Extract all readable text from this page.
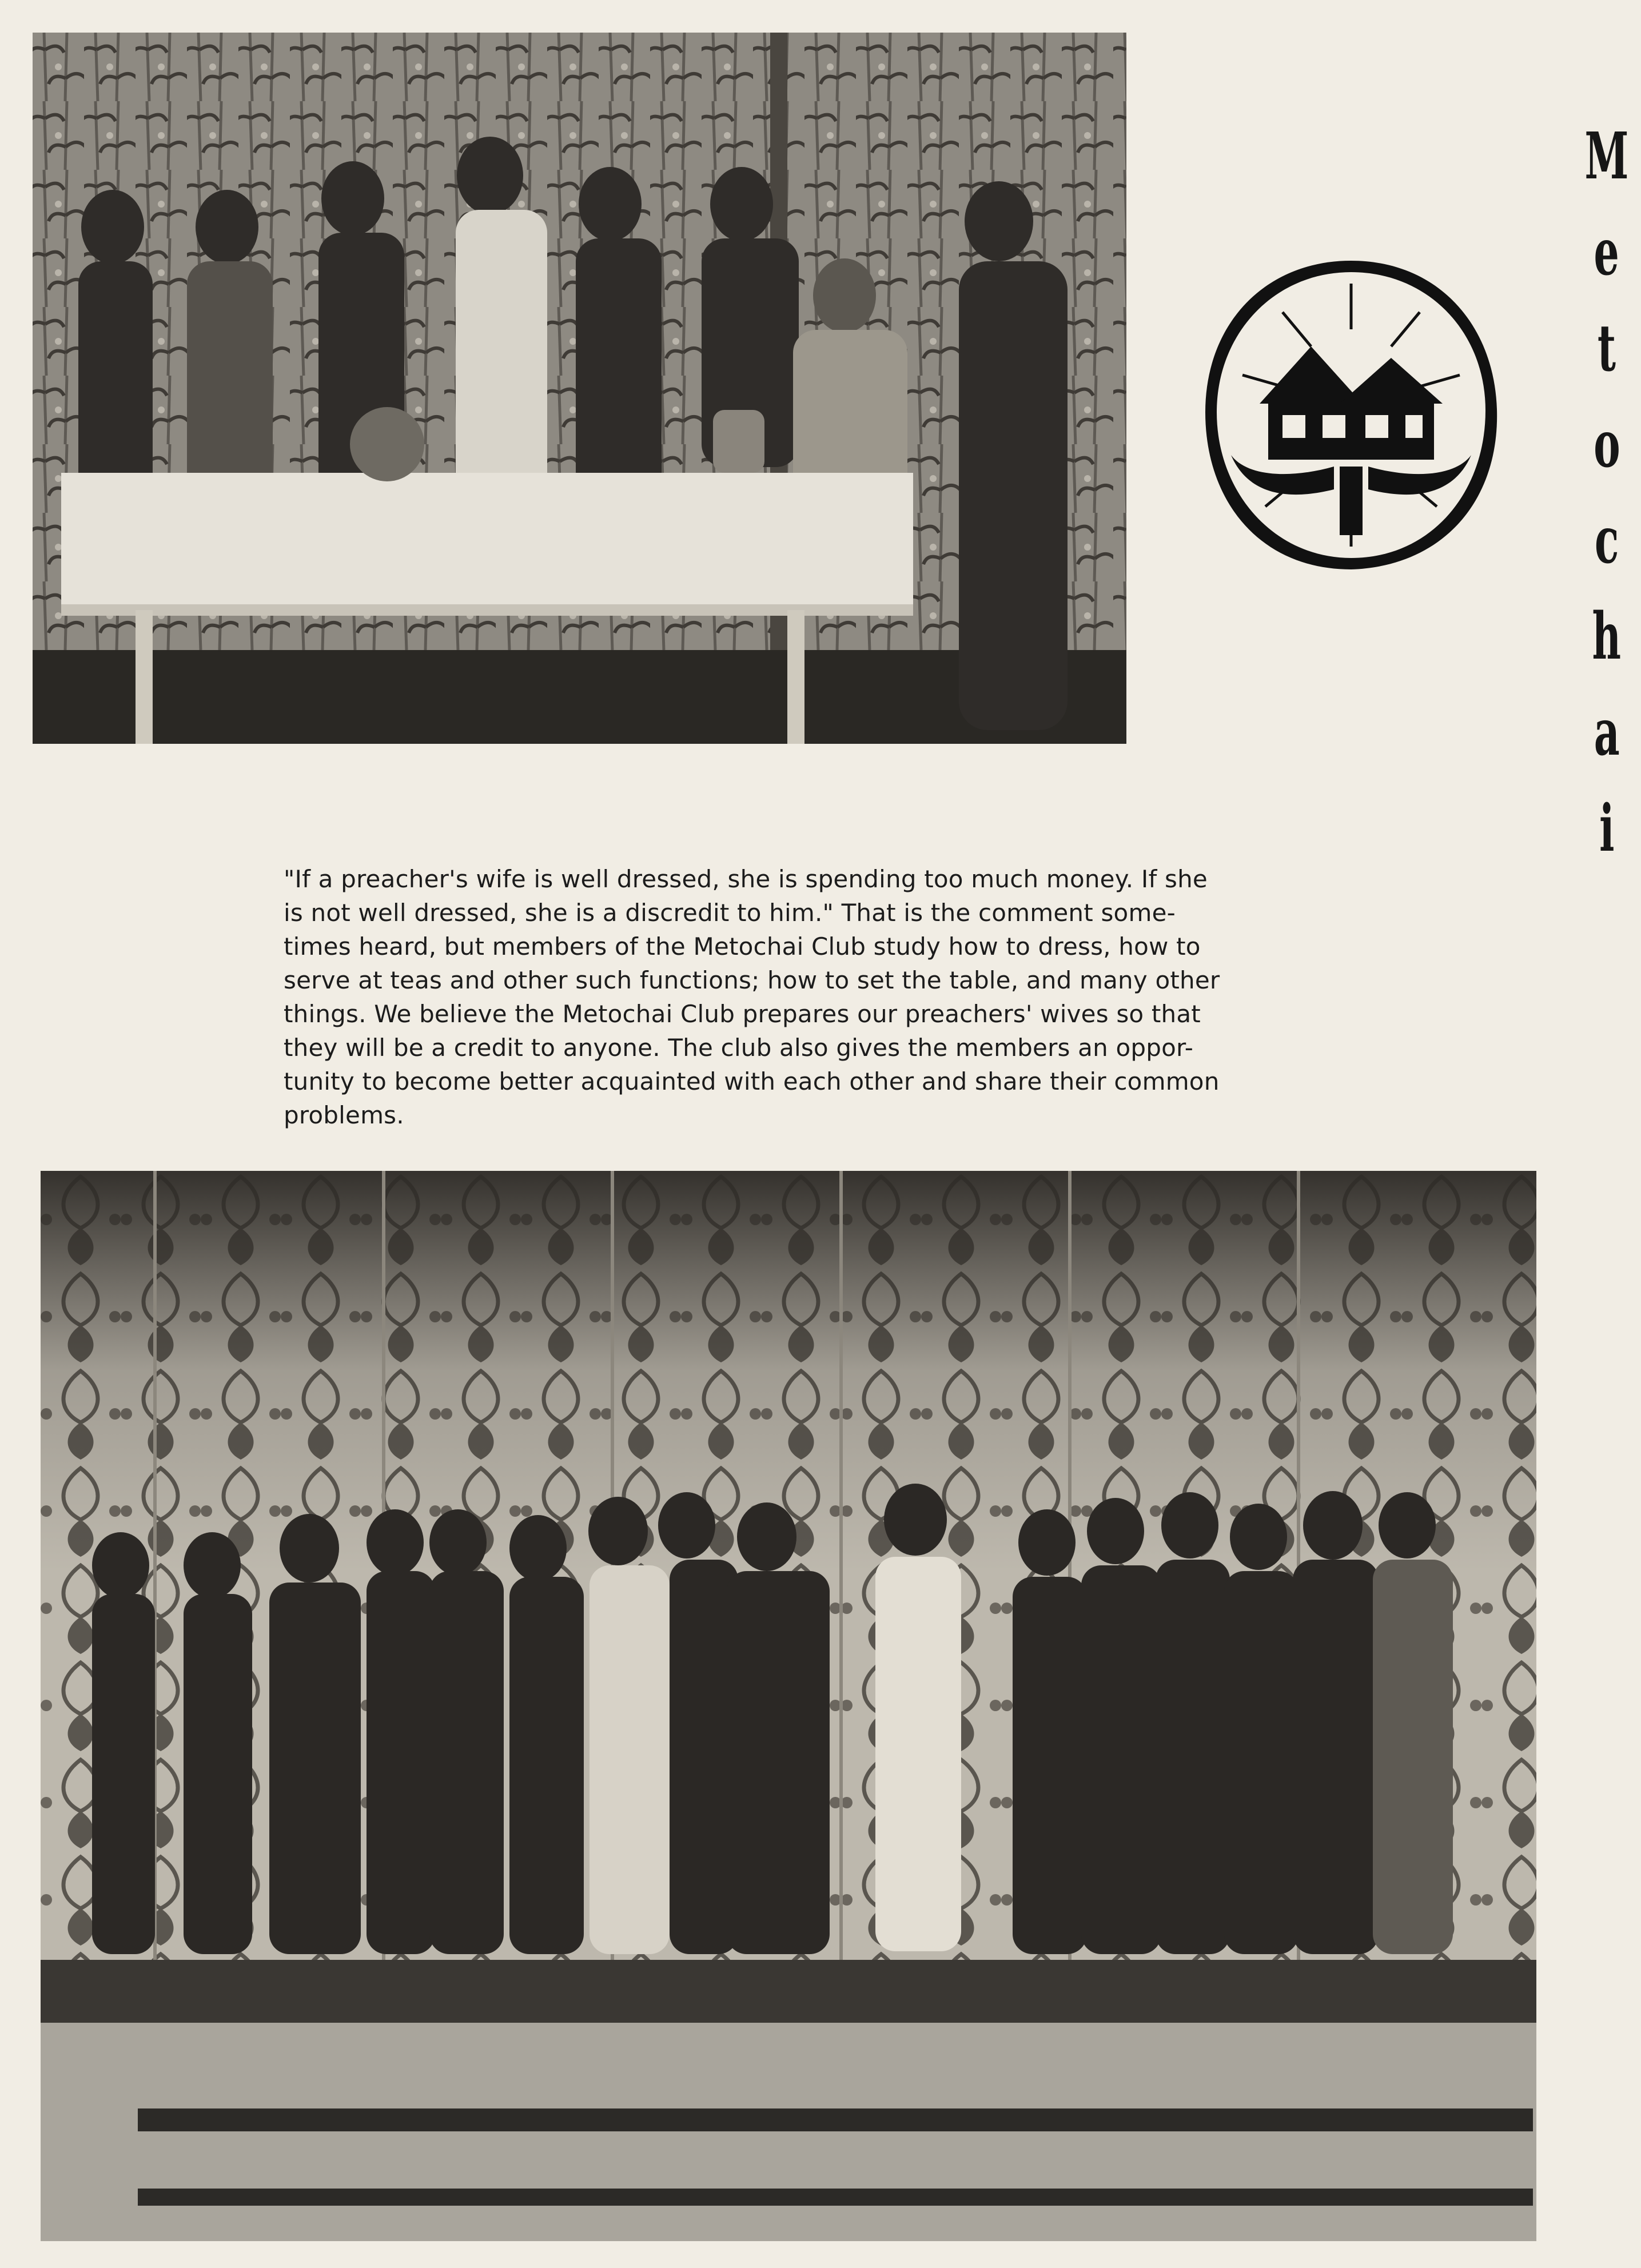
M
e
t
o
c
h
a
i
"If a preacher's wife is well dressed, she is spending too much money. If she
is not well dressed, she is a discredit to him." That is the comment some-
times heard, but members of the Metochai Club study how to dress, how to
serve at teas and other such functions; how to set the table, and many other
things. We believe the Metochai Club prepares our preachers' wives so that
they will be a credit to anyone. The club also gives the members an oppor-
tunity to become better acquainted with each other and share their common
problems.
